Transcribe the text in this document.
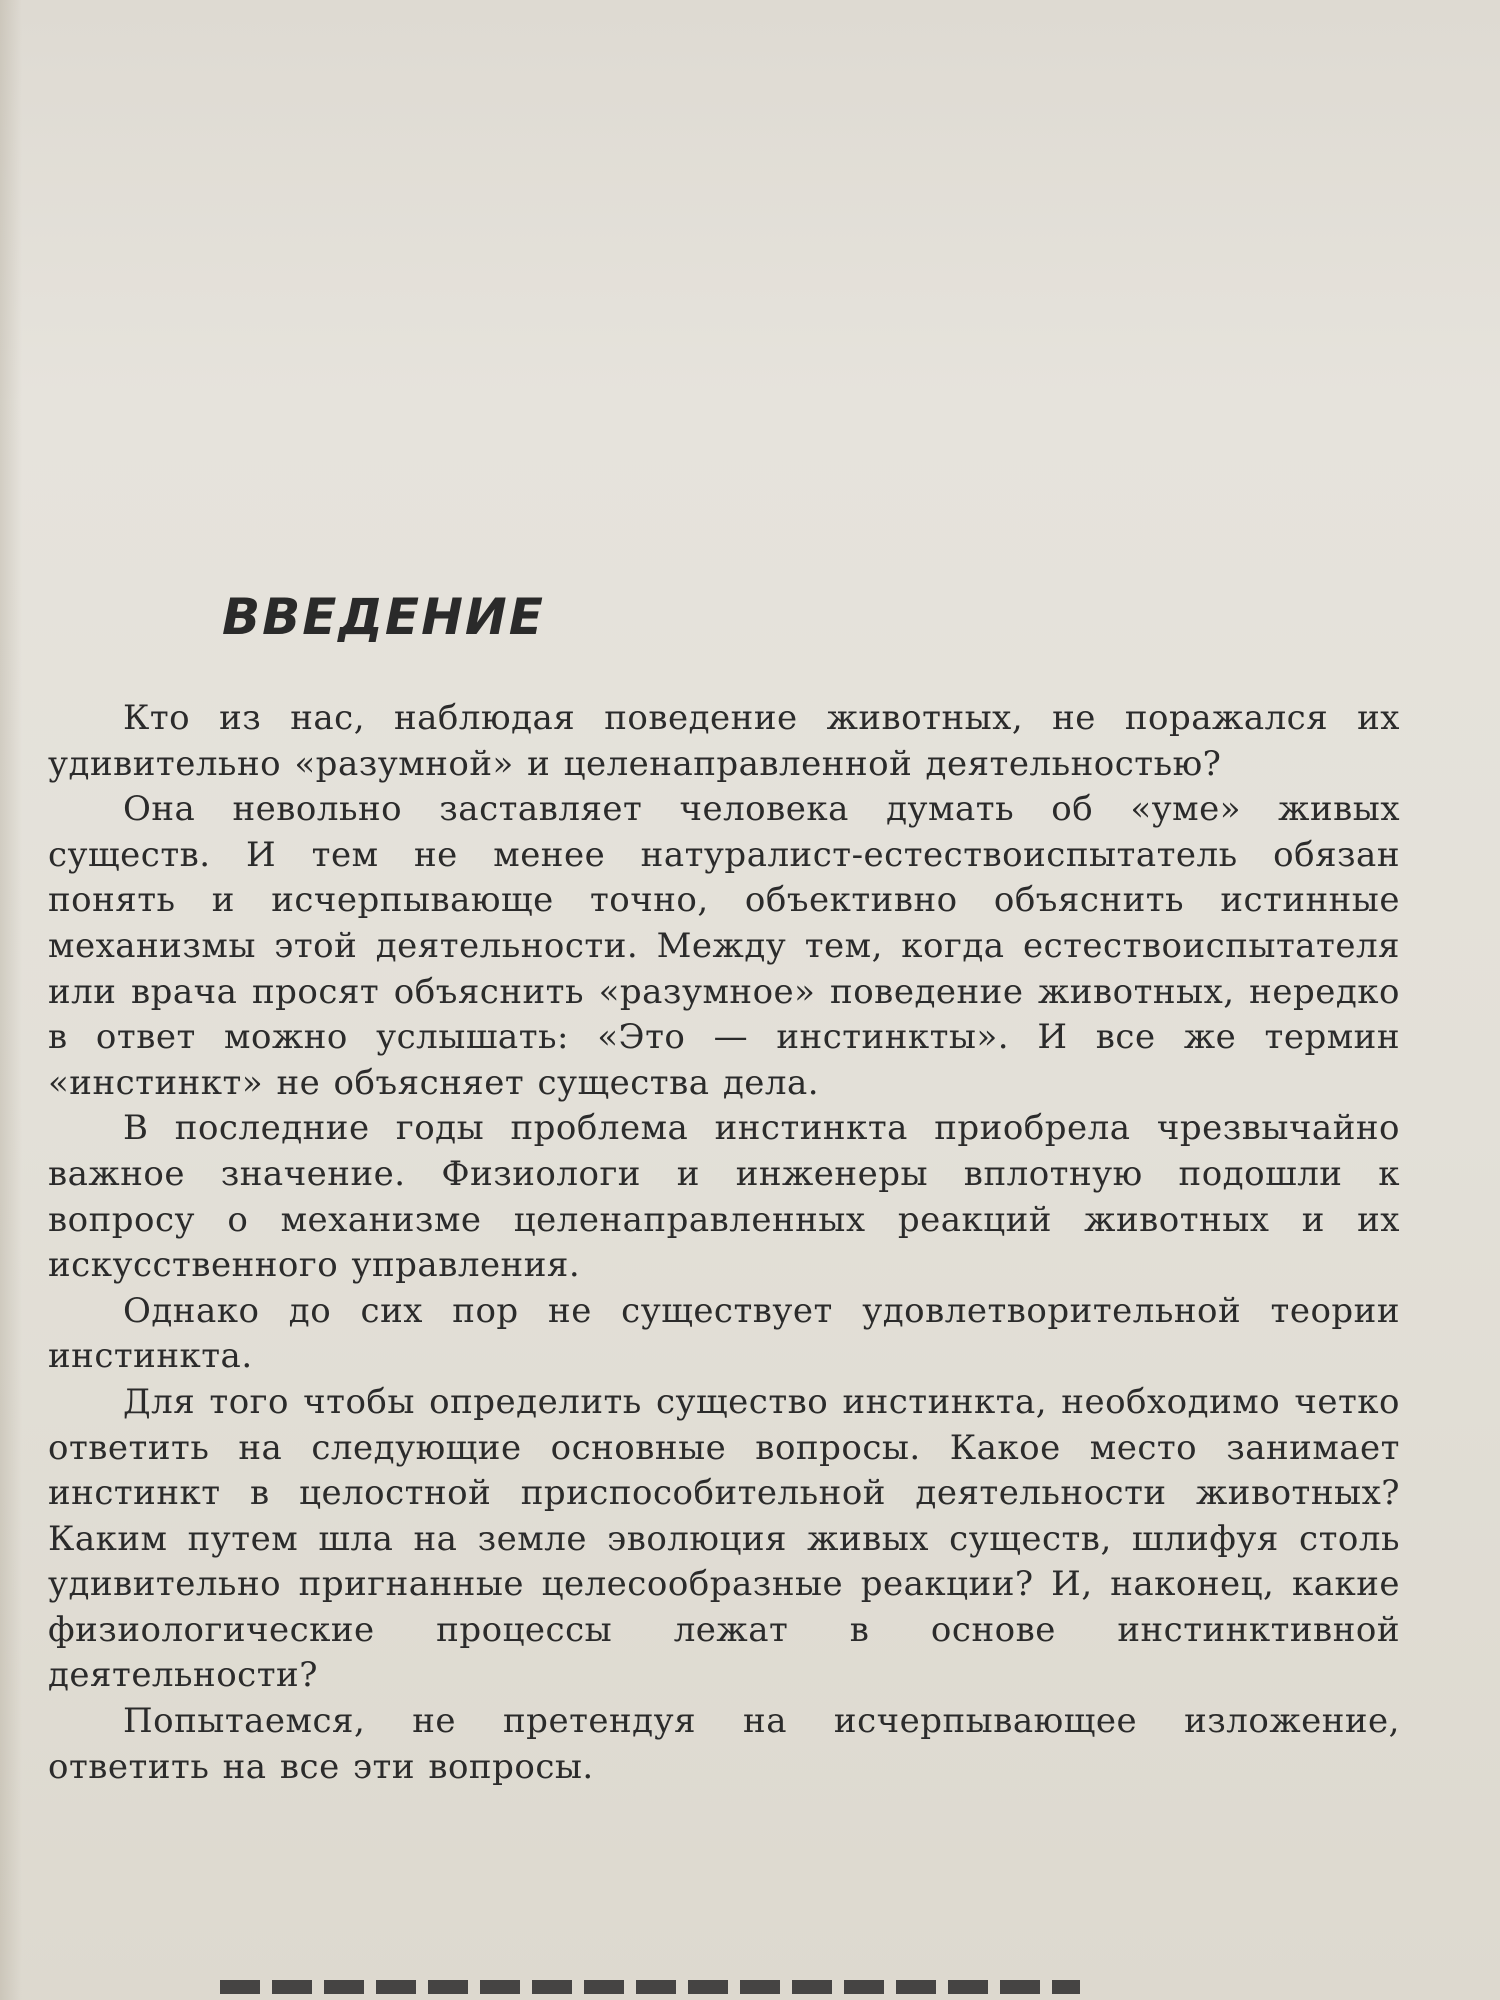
ВВЕДЕНИЕ

Кто из нас, наблюдая поведение животных, не поражался их удивительно «разумной» и целенаправленной деятельностью?

Она невольно заставляет человека думать об «уме» живых существ. И тем не менее натуралист-естествоиспытатель обязан понять и исчерпывающе точно, объективно объяснить истинные механизмы этой деятельности. Между тем, когда естествоиспытателя или врача просят объяснить «разумное» поведение животных, нередко в ответ можно услышать: «Это — инстинкты». И все же термин «инстинкт» не объясняет существа дела.

В последние годы проблема инстинкта приобрела чрезвычайно важное значение. Физиологи и инженеры вплотную подошли к вопросу о механизме целенаправленных реакций животных и их искусственного управления.

Однако до сих пор не существует удовлетворительной теории инстинкта.

Для того чтобы определить существо инстинкта, необходимо четко ответить на следующие основные вопросы. Какое место занимает инстинкт в целостной приспособительной деятельности животных? Каким путем шла на земле эволюция живых существ, шлифуя столь удивительно пригнанные целесообразные реакции? И, наконец, какие физиологические процессы лежат в основе инстинктивной деятельности?

Попытаемся, не претендуя на исчерпывающее изложение, ответить на все эти вопросы.
